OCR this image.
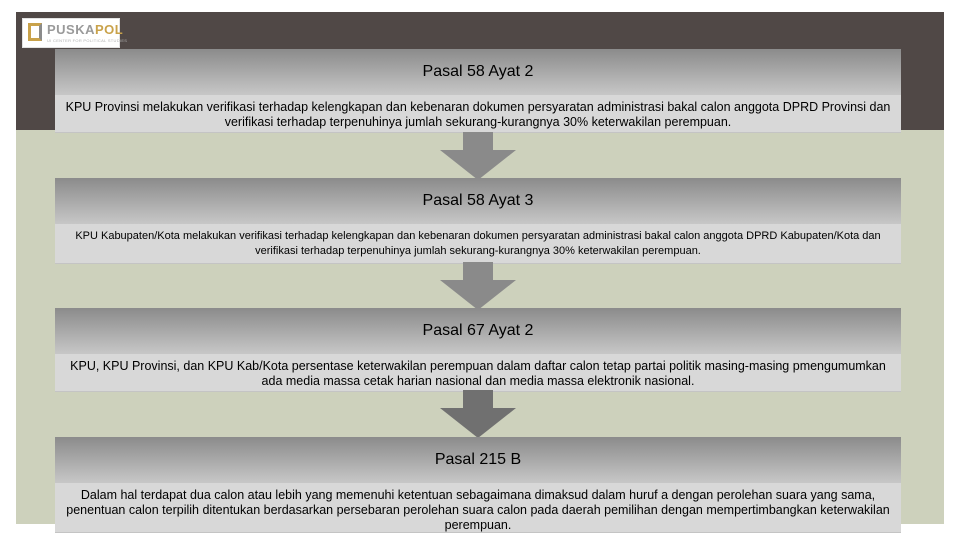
PUSKAPOL
UI CENTER FOR POLITICAL STUDIES
Pasal 58 Ayat 2
KPU Provinsi melakukan verifikasi terhadap kelengkapan dan kebenaran dokumen persyaratan administrasi bakal calon anggota DPRD Provinsi dan verifikasi terhadap terpenuhinya jumlah sekurang-kurangnya 30% keterwakilan perempuan.
Pasal 58 Ayat 3
KPU Kabupaten/Kota melakukan verifikasi terhadap kelengkapan dan kebenaran dokumen persyaratan administrasi bakal calon anggota DPRD Kabupaten/Kota dan verifikasi terhadap terpenuhinya jumlah sekurang-kurangnya 30% keterwakilan perempuan.
Pasal 67 Ayat 2
KPU, KPU Provinsi, dan KPU Kab/Kota persentase keterwakilan perempuan dalam daftar calon tetap partai politik masing-masing pmengumumkan ada media massa cetak harian nasional dan media massa elektronik nasional.
Pasal 215 B
Dalam hal terdapat dua calon atau lebih yang memenuhi ketentuan sebagaimana dimaksud dalam huruf a dengan perolehan suara yang sama, penentuan calon terpilih ditentukan berdasarkan persebaran perolehan suara calon pada daerah pemilihan dengan mempertimbangkan keterwakilan perempuan.
